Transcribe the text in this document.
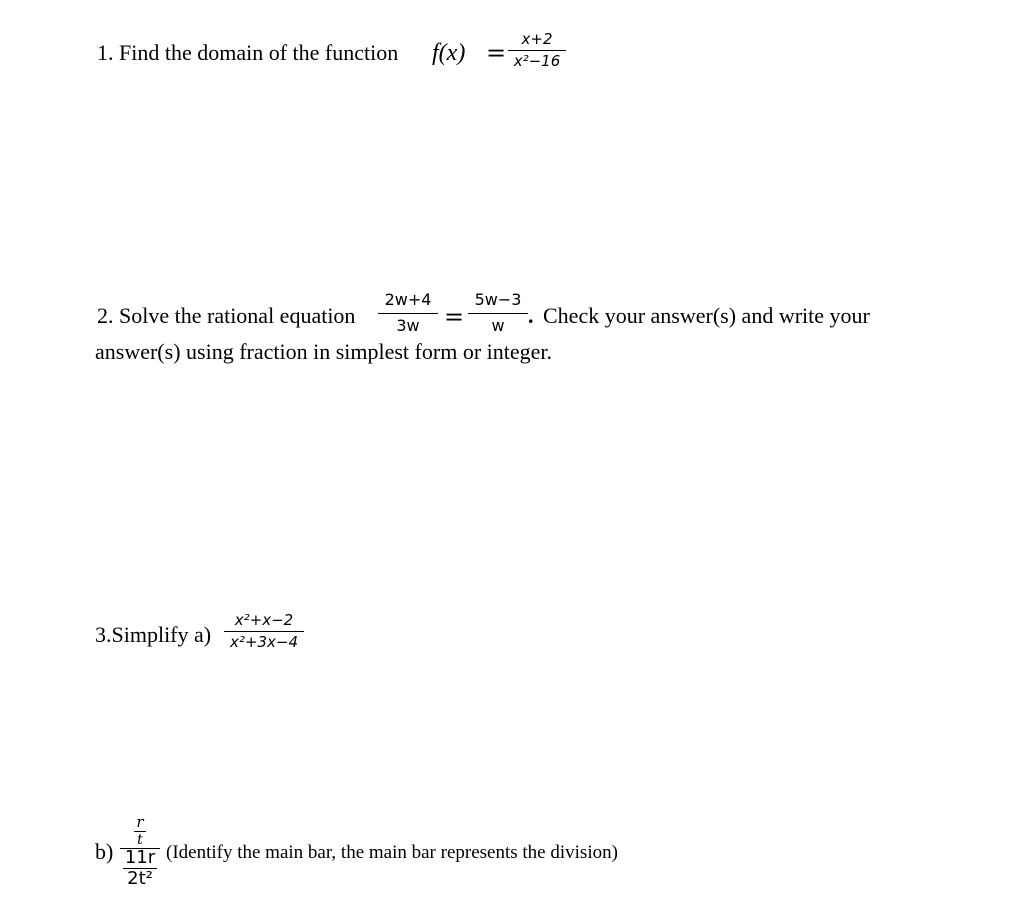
1. Find the domain of the function f(x) =	x+2
x²−16
2. Solve the rational equation
2w+4
3w	=
5w−3
w	. Check your answer(s) and write your
answer(s) using fraction in simplest form or integer.
3.Simplify a)
x²+x−2
x²+3x−4
b)
r
t
11r
2t²
(Identify the main bar, the main bar represents the division)
